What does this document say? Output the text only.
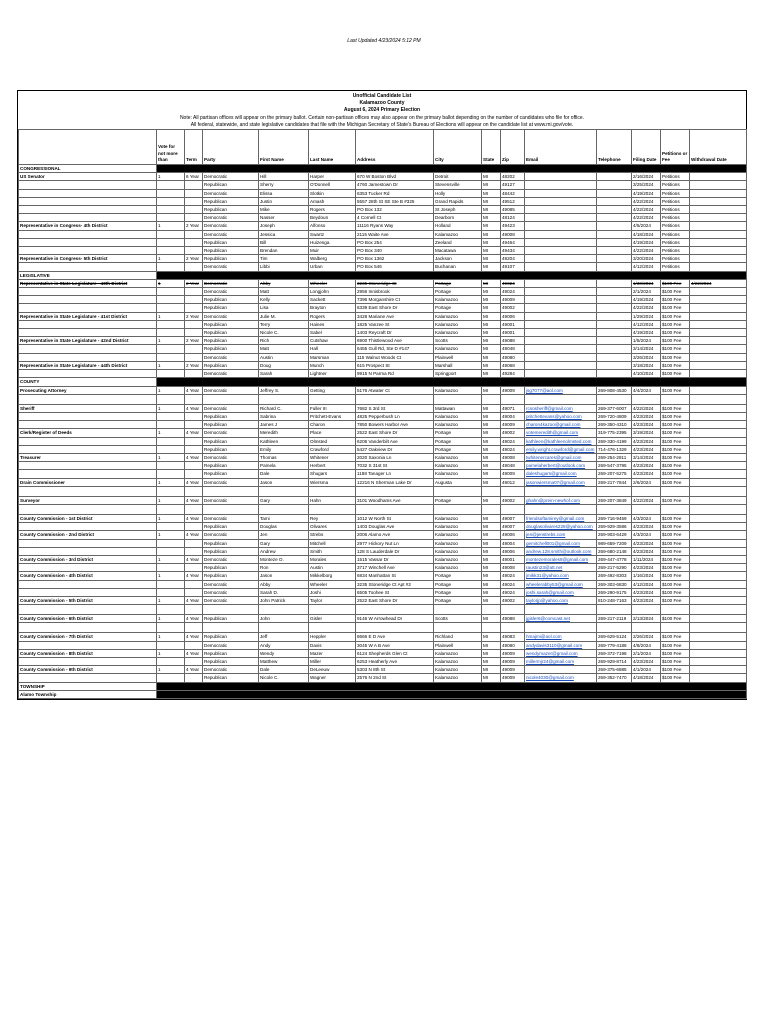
Last Updated 4/23/2024 5:12 PM
Unofficial Candidate List
Kalamazoo County
August 6, 2024 Primary Election
Note: All partisan offices will appear on the primary ballot. Certain non-partisan offices may also appear on the primary ballot depending on the number of candidates who file for office.
All federal, statewide, and state legislative candidates that file with the Michigan Secretary of State's Bureau of Elections will appear on the candidate list at www.mi.gov/vote.
	Vote for not more than	Term	Party	First Name	Last Name	Address	City	State	Zip	Email	Telephone	Filing Date	Petitions or Fee	Withdrawal Date
CONGRESSIONAL														
US Senator	1	6 Year	Democratic	Hill	Harper	670 W Boston Blvd	Detroit	MI	48202			2/16/2024	Petitions	
			Republican	Sherry	O'Donnell	4760 Jamestown Dr	Stevensville	MI	49127			3/25/2024	Petitions	
			Democratic	Elissa	Slotkin	6353 Tucker Rd	Holly	MI	48442			4/19/2024	Petitions	
			Republican	Justin	Amash	5557 28th St SE Ste B #325	Grand Rapids	MI	49512			4/22/2024	Petitions	
			Republican	Mike	Rogers	PO Box 132	St Joseph	MI	49085			4/22/2024	Petitions	
			Democratic	Nasser	Beydoun	4 Cornell Ct	Dearborn	MI	48124			4/22/2024	Petitions	
Representative in Congress- 4th District	1	2 Year	Democratic	Joseph	Alfonso	11116 Ryans Way	Holland	MI	49423			4/5/2024	Petitions	
			Democratic	Jessica	Swartz	2115 Waite Ave	Kalamazoo	MI	49008			4/18/2024	Petitions	
			Republican	Bill	Huizenga	PO Box 254	Zeeland	MI	49464			4/19/2024	Petitions	
			Republican	Brendan	Muir	PO Box 340	Macatawa	MI	49434			4/22/2024	Petitions	
Representative in Congress- 5th District	1	2 Year	Republican	Tim	Walberg	PO Box 1362	Jackson	MI	49204			3/20/2024	Petitions	
			Democratic	Libbi	Urban	PO Box 546	Buchanan	MI	49107			4/12/2024	Petitions	
LEGISLATIVE														
Representative in State Legislature - 40th District	1	2 Year	Democratic	Abby	Wheeler	3235 Stoneridge Ct	Portage	MI	49024			1/30/2024	$100 Fee	4/22/2024
			Democratic	Matt	Longjohn	2956 Innisbrook	Portage	MI	49024			2/1/2024	$100 Fee	
			Republican	Kelly	Sackett	7396 Morganshire Ct	Kalamazoo	MI	49009			4/19/2024	$100 Fee	
			Republican	Lisa	Brayton	6339 East Shore Dr	Portage	MI	49002			4/22/2024	$100 Fee	
Representative in State Legislature - 41st District	1	2 Year	Democratic	Julie M.	Rogers	3428 Mariane Ave	Kalamazoo	MI	49006			1/29/2024	$100 Fee	
			Republican	Terry	Haines	1825 Vanzee St	Kalamazoo	MI	49001			4/12/2024	$100 Fee	
			Republican	Nicole C.	Sabel	1403 Reycraft Dr	Kalamazoo	MI	49001			4/19/2024	$100 Fee	
Representative in State Legislature - 42nd District	1	2 Year	Republican	Rich	Cutshaw	6900 Thistlewood Ave	Scotts	MI	49088			1/5/2024	$100 Fee	
			Republican	Matt	Hall	6455 Gull Rd, Ste D #147	Kalamazoo	MI	49048			3/14/2024	$100 Fee	
			Democratic	Austin	Marsman	115 Walnut Woods Ct	Plainwell	MI	49080			3/26/2024	$100 Fee	
Representative in State Legislature - 44th District	1	2 Year	Republican	Doug	Munch	615 Prospect St	Marshall	MI	49068			3/18/2024	$100 Fee	
			Democratic	Sarah	Lightner	9915 N Parma Rd	Springport	MI	49284			4/10/2024	$100 Fee	
COUNTY														
Prosecuting Attorney	1	4 Year	Democratic	Jeffrey S.	Getting	5176 Atwater Ct	Kalamazoo	MI	49009	jsg7077@aol.com	269-808-4530	4/4/2024	$100 Fee	

Sheriff	1	4 Year	Democratic	Richard C.	Fuller III	7682 S 3rd St	Mattawan	MI	49071	rcsosheriff@gmail.com	269-377-6007	4/22/2024	$100 Fee	
			Republican	Sabrina	Pritchett-Evans	4825 Pepperbush Ln	Kalamazoo	MI	49004	pritchettevans@yahoo.com	269-720-4809	4/23/2024	$100 Fee	
			Republican	James J	Charon	7850 Bowers Harbor Ave	Kalamazoo	MI	49009	charon4kazoo@gmail.com	269-350-4310	4/23/2024	$100 Fee	
Clerk/Register of Deeds	1	4 Year	Democratic	Meredith	Place	2522 East Shore Dr	Portage	MI	49002	votemeredith@gmail.com	319-775-2395	3/19/2024	$100 Fee	
			Republican	Kathleen	Olmsted	6206 Vanderbilt Ave	Portage	MI	49024	kathleen@kathleenolmsted.com	269-330-4199	4/23/2024	$100 Fee	
			Republican	Emily	Crawford	5427 Oakview Dr	Portage	MI	49024	emily.wright.crawford@gmail.com	714-476-1329	4/23/2024	$100 Fee	
Treasurer	1	4 Year	Democratic	Thomas	Whitener	2020 Saxonia Ln	Kalamazoo	MI	49008	twhitenercares@gmail.com	269-254-2811	3/14/2024	$100 Fee	
			Republican	Pamela	Herbert	7032 S 31st St	Kalamazoo	MI	49048	pamelaherbert@outlook.com	269-547-3795	4/23/2024	$100 Fee	
			Republican	Dale	Shugars	1188 Tanager Ln	Kalamazoo	MI	49009	daleshugars@gmail.com	269-207-5275	4/23/2024	$100 Fee	
Drain Commissioner	1	4 Year	Democratic	Jason	Wiersma	12216 N Sherman Lake Dr	Augusta	MI	49012	jasonwiersma07@gmail.com	269-217-7844	2/6/2024	$100 Fee	

Surveyor	1	4 Year	Democratic	Gary	Hahn	3101 Woodhams Ave	Portage	MI	49002	ghahn@prein-newhof.com	269-207-3849	4/22/2024	$100 Fee	

County Commission - 1st District	1	4 Year	Democratic	Tami	Rey	1012 W North St	Kalamazoo	MI	49007	friendsoftamirey@gmail.com	269-716-9459	4/3/2024	$100 Fee	
			Republican	Douglas	Olivares	1403 Douglas Ave	Kalamazoo	MI	49007	douglasolivares228@yahoo.com	269-929-3586	4/23/2024	$100 Fee	
County Commission - 2nd District	1	4 Year	Democratic	Jen	Strebs	2006 Alamo Ave	Kalamazoo	MI	49006	jen@jenstrebs.com	269-903-6429	4/3/2024	$100 Fee	
			Republican	Gary	Mitchell	2977 Hickory Nut Ln	Kalamazoo	MI	49004	gemitchell001@gmail.com	989-659-7209	4/23/2024	$100 Fee	
			Republican	Andrew	Smith	128 S Lauderdale Dr	Kalamazoo	MI	49006	andrew.128.smith@outlook.com	269-680-2148	4/23/2024	$100 Fee	
County Commission - 3rd District	1	4 Year	Democratic	Monteze O.	Morales	1515 Vassar Dr	Kalamazoo	MI	49001	montezemorales8@gmail.com	269-447-4778	1/11/2024	$100 Fee	
			Republican	Ron	Austin	3717 Winchell Ave	Kalamazoo	MI	49008	raustin23@att.net	269-217-5290	4/23/2024	$100 Fee	
County Commission - 4th District	1	4 Year	Republican	Jason	Mikkelborg	6834 Manhattan St	Portage	MI	49024	jmikk31@yahoo.com	269-492-8303	1/16/2024	$100 Fee	
			Democratic	Abby	Wheeler	3235 Stoneridge Ct Apt #2	Portage	MI	49024	wheelerabby53@gmail.com	269-303-6830	4/12/2024	$100 Fee	
			Democratic	Sarah D.	Joshi	6505 Toohee St	Portage	MI	49024	joshi.sarah@gmail.com	269-290-9175	4/23/2024	$100 Fee	
County Commission - 5th District	1	4 Year	Democratic	John Patrick	Taylor	2522 East Shore Dr	Portage	MI	49002	taylorjp@yahoo.com	810-248-7163	4/23/2024	$100 Fee	

County Commission - 6th District	1	4 Year	Republican	John	Gisler	9146 W Arrowhead Dr	Scotts	MI	49088	jgisler6@comcast.net	269-217-2119	2/13/2024	$100 Fee	

County Commission - 7th District	1	4 Year	Republican	Jeff	Heppler	8666 E D Ave	Richland	MI	49083	hmajmi@aol.com	269-629-5124	2/26/2024	$100 Fee	
			Democratic	Andy	Davis	3045 W A B Ave	Plainwell	MI	49080	andydavis3110@gmail.com	269-779-4188	4/8/2024	$100 Fee	
County Commission - 8th District	1	4 Year	Republican	Wendy	Mazer	6124 Shepherds Glen Ct	Kalamazoo	MI	49009	wendymazer@gmail.com	269-372-7198	2/1/2024	$100 Fee	
			Republican	Matthew	Miller	6253 Heatherly Ave	Kalamazoo	MI	49009	millermjr24@gmail.com	269-929-8714	4/23/2024	$100 Fee	
County Commission - 9th District	1	4 Year	Democratic	Dale	DeLeeuw	5303 N 8th St	Kalamazoo	MI	49009		269-375-6885	4/1/2024	$100 Fee	
			Republican	Nicole C.	Wagner	2576 N 2nd St	Kalamazoo	MI	49009	nicole4030@gmail.com	269-352-7470	4/18/2024	$100 Fee	
TOWNSHIP														
Alamo Township														
